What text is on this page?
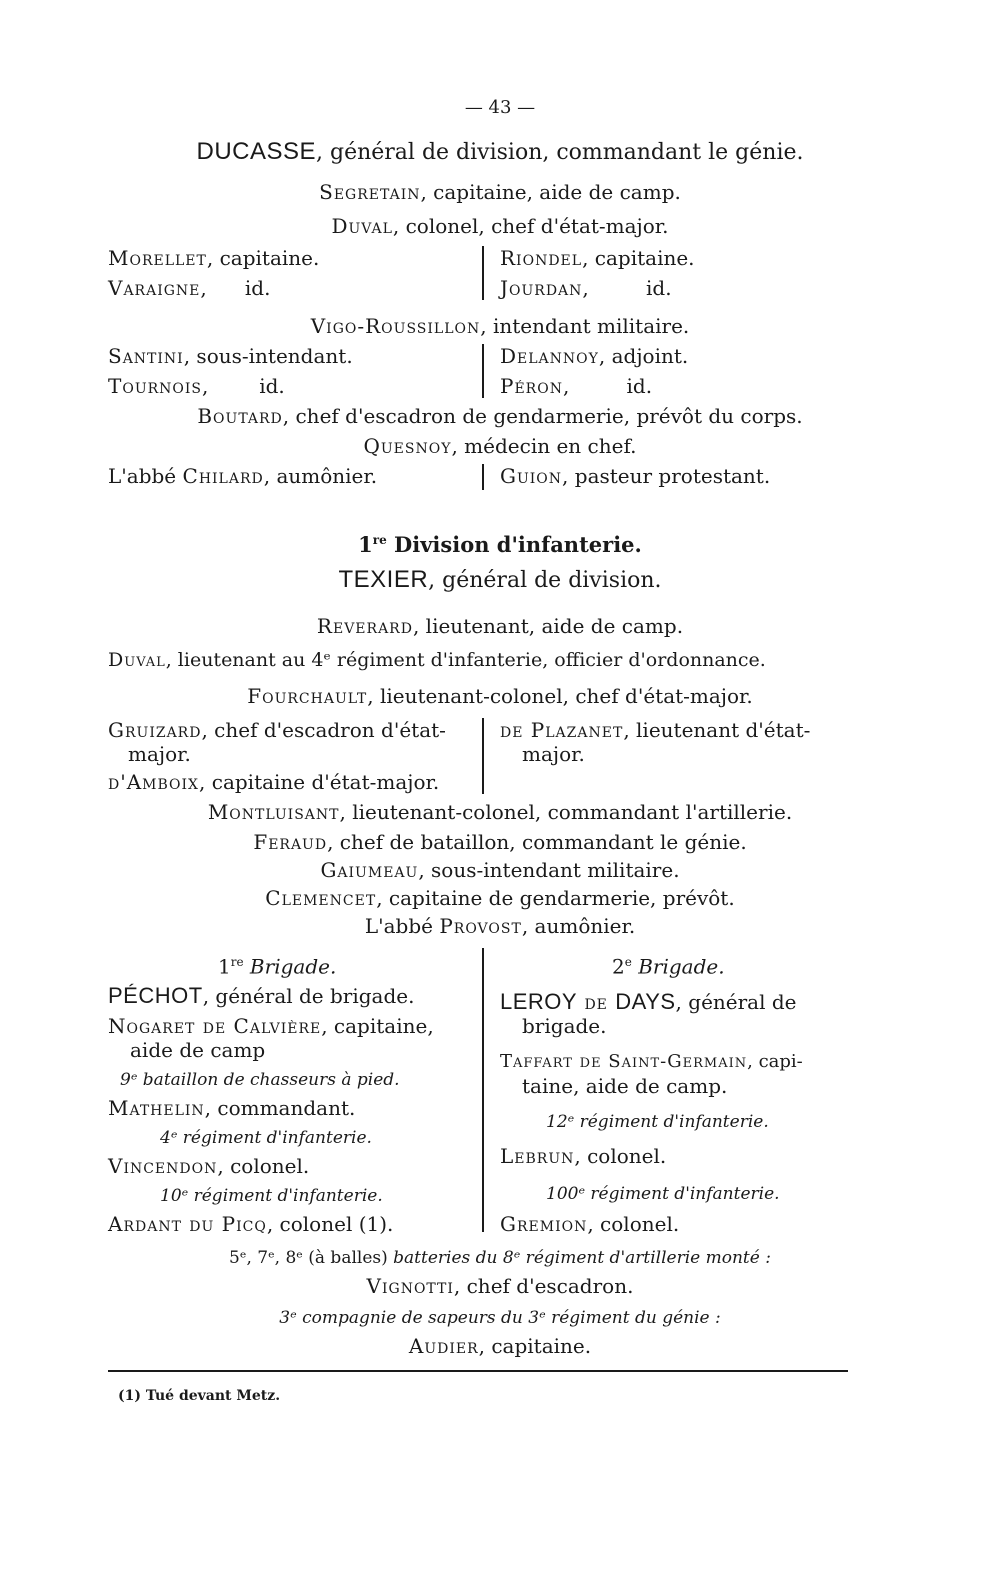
— 43 —
DUCASSE, général de division, commandant le génie.
Segretain, capitaine, aide de camp.
Duval, colonel, chef d'état-major.
Morellet, capitaine.
Varaigne,      id.
Riondel, capitaine.
Jourdan,         id.
Vigo-Roussillon, intendant militaire.
Santini, sous-intendant.
Tournois,        id.
Delannoy, adjoint.
Péron,         id.
Boutard, chef d'escadron de gendarmerie, prévôt du corps.
Quesnoy, médecin en chef.
L'abbé Chilard, aumônier.	Guion, pasteur protestant.
1re Division d'infanterie.
TEXIER, général de division.
Reverard, lieutenant, aide de camp.
Duval, lieutenant au 4ᵉ régiment d'infanterie, officier d'ordonnance.
Fourchault, lieutenant-colonel, chef d'état-major.
Gruizard, chef d'escadron d'état-
major.
d'Amboix, capitaine d'état-major.
de Plazanet, lieutenant d'état-
major.
Montluisant, lieutenant-colonel, commandant l'artillerie.
Feraud, chef de bataillon, commandant le génie.
Gaiumeau, sous-intendant militaire.
Clemencet, capitaine de gendarmerie, prévôt.
L'abbé Provost, aumônier.
1re Brigade.
PÉCHOT, général de brigade.
Nogaret de Calvière, capitaine,
aide de camp
9ᵉ bataillon de chasseurs à pied.
Mathelin, commandant.
4ᵉ régiment d'infanterie.
Vincendon, colonel.
10ᵉ régiment d'infanterie.
Ardant du Picq, colonel (1).
2e Brigade.
LEROY de DAYS, général de
brigade.
Taffart de Saint-Germain, capi-
taine, aide de camp.
12ᵉ régiment d'infanterie.
Lebrun, colonel.
100ᵉ régiment d'infanterie.
Gremion, colonel.
5ᵉ, 7ᵉ, 8ᵉ (à balles) batteries du 8ᵉ régiment d'artillerie monté :
Vignotti, chef d'escadron.
3ᵉ compagnie de sapeurs du 3ᵉ régiment du génie :
Audier, capitaine.
(1) Tué devant Metz.
